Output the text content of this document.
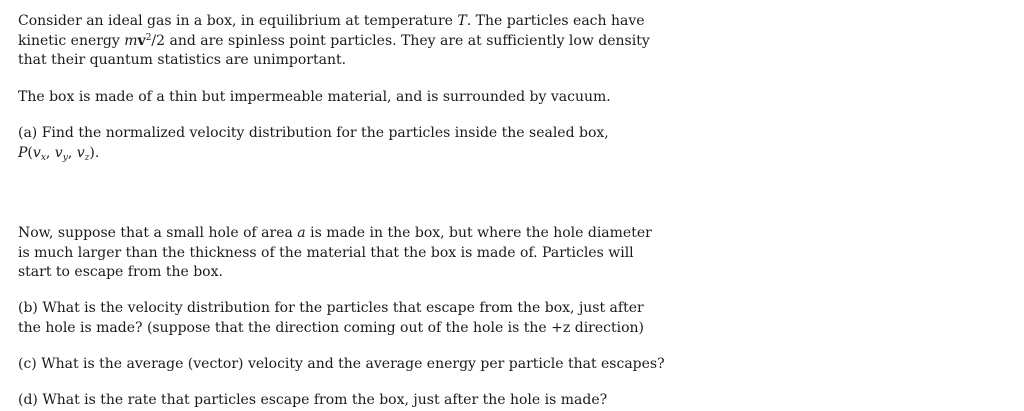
Consider an ideal gas in a box, in equilibrium at temperature T. The particles each have
kinetic energy $mv^2/2$ and are spinless point particles. They are at sufficiently low density
that their quantum statistics are unimportant.

The box is made of a thin but impermeable material, and is surrounded by vacuum.

(a) Find the normalized velocity distribution for the particles inside the sealed box,
$P(v_x$, $v_y$, $v_z$).

Now, suppose that a small hole of area a is made in the box, but where the hole diameter
is much larger than the thickness of the material that the box is made of. Particles will
start to escape from the box.

(b) What is the velocity distribution for the particles that escape from the box, just after
the hole is made? (suppose that the direction coming out of the hole is the +z direction)

(c) What is the average (vector) velocity and the average energy per particle that escapes?

(d) What is the rate that particles escape from the box, just after the hole is made?
